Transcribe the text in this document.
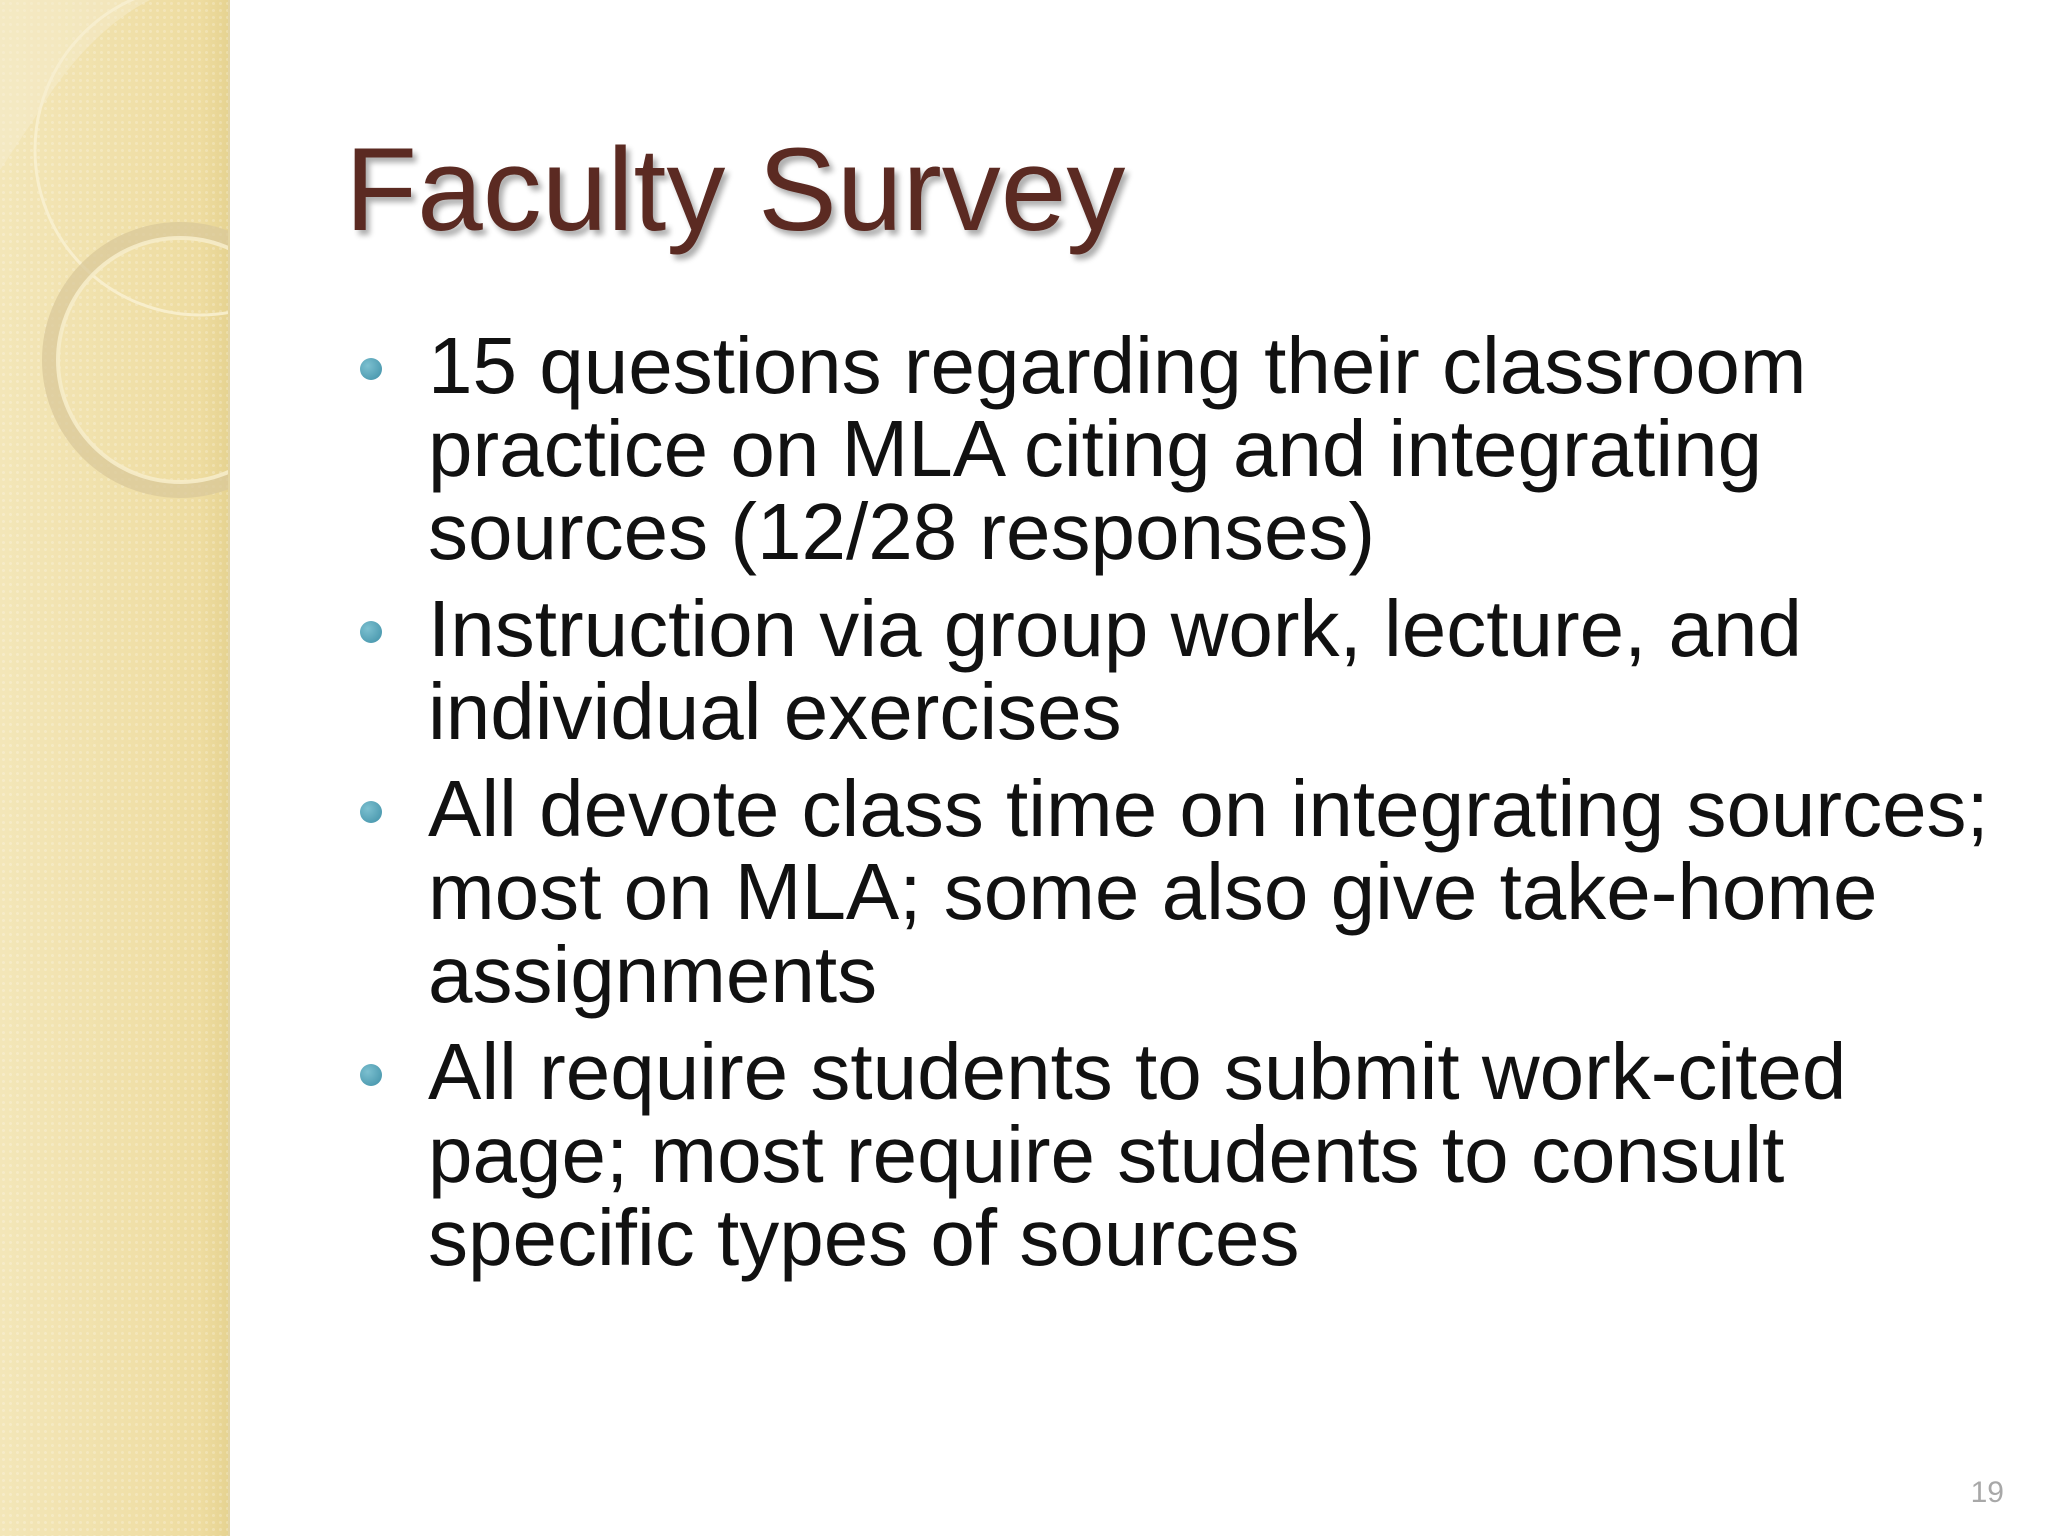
Faculty Survey
15 questions regarding their classroom practice on MLA citing and integrating sources (12/28 responses)
Instruction via group work, lecture, and individual exercises
All devote class time on integrating sources; most on MLA; some also give take-home assignments
All require students to submit work-cited page; most require students to consult specific types of sources
19
